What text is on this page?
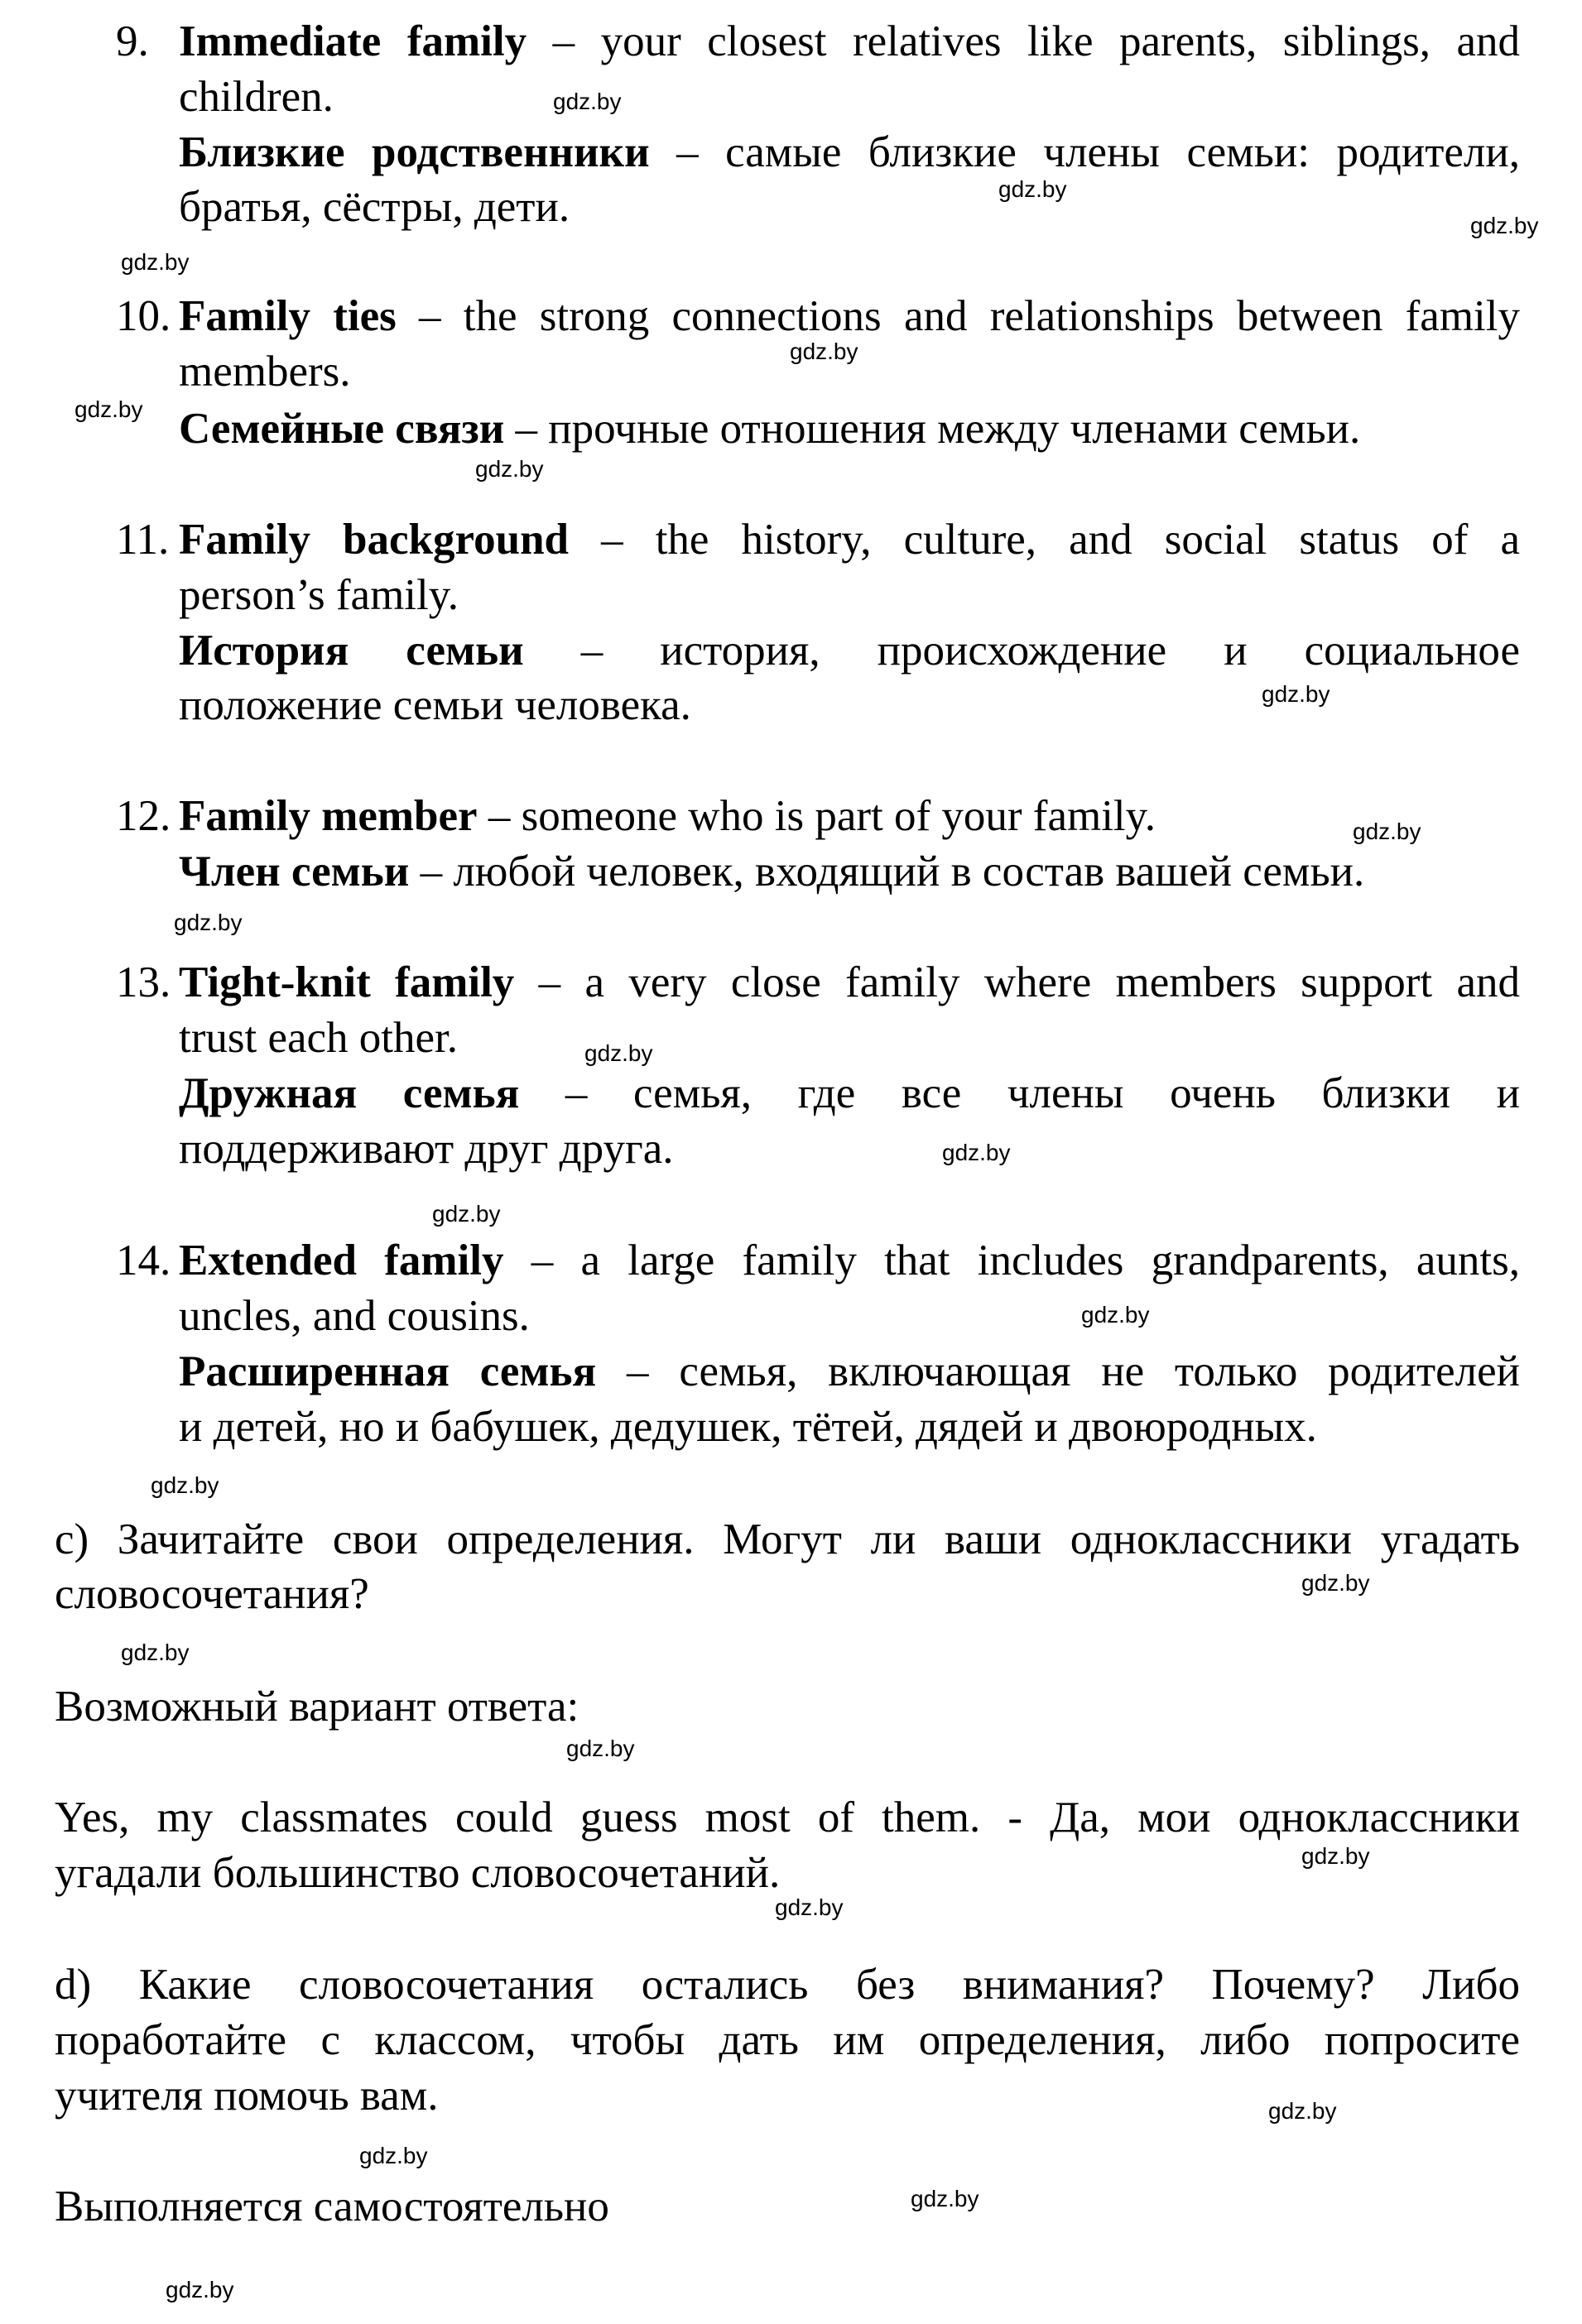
9. Immediate family – your closest relatives like parents, siblings, and
children.
Близкие родственники – самые близкие члены семьи: родители,
братья, сёстры, дети.
10. Family ties – the strong connections and relationships between family
members.
Семейные связи – прочные отношения между членами семьи.
11. Family background – the history, culture, and social status of a
person’s family.
История семьи – история, происхождение и социальное
положение семьи человека.
12. Family member – someone who is part of your family.
Член семьи – любой человек, входящий в состав вашей семьи.
13. Tight-knit family – a very close family where members support and
trust each other.
Дружная семья – семья, где все члены очень близки и
поддерживают друг друга.
14. Extended family – a large family that includes grandparents, aunts,
uncles, and cousins.
Расширенная семья – семья, включающая не только родителей
и детей, но и бабушек, дедушек, тётей, дядей и двоюродных.
с) Зачитайте свои определения. Могут ли ваши одноклассники угадать
словосочетания?
Возможный вариант ответа:
Yes, my classmates could guess most of them. - Да, мои одноклассники
угадали большинство словосочетаний.
d) Какие словосочетания остались без внимания? Почему? Либо
поработайте с классом, чтобы дать им определения, либо попросите
учителя помочь вам.
Выполняется самостоятельно
gdz.by
gdz.by
gdz.by
gdz.by
gdz.by
gdz.by
gdz.by
gdz.by
gdz.by
gdz.by
gdz.by
gdz.by
gdz.by
gdz.by
gdz.by
gdz.by
gdz.by
gdz.by
gdz.by
gdz.by
gdz.by
gdz.by
gdz.by
gdz.by
